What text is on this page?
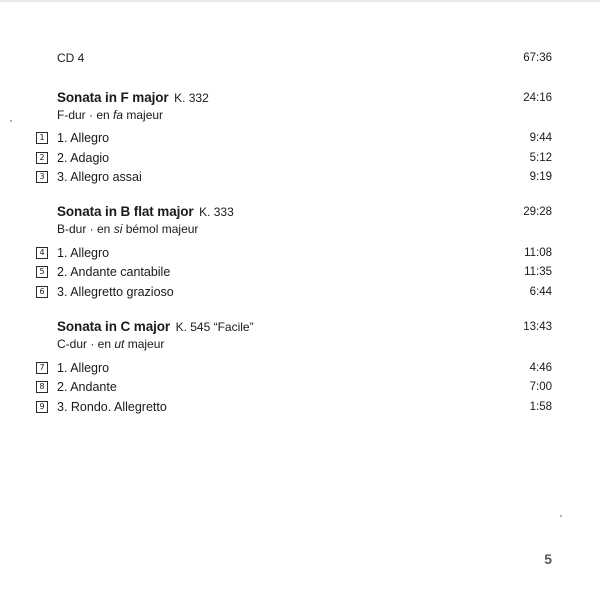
CD 4	67:36
Sonata in F major K. 332	24:16
F-dur · en fa majeur
1 1. Allegro	9:44
2 2. Adagio	5:12
3 3. Allegro assai	9:19
Sonata in B flat major K. 333	29:28
B-dur · en si bémol majeur
4 1. Allegro	11:08
5 2. Andante cantabile	11:35
6 3. Allegretto grazioso	6:44
Sonata in C major K. 545 “Facile”	13:43
C-dur · en ut majeur
7 1. Allegro	4:46
8 2. Andante	7:00
9 3. Rondo. Allegretto	1:58
5
